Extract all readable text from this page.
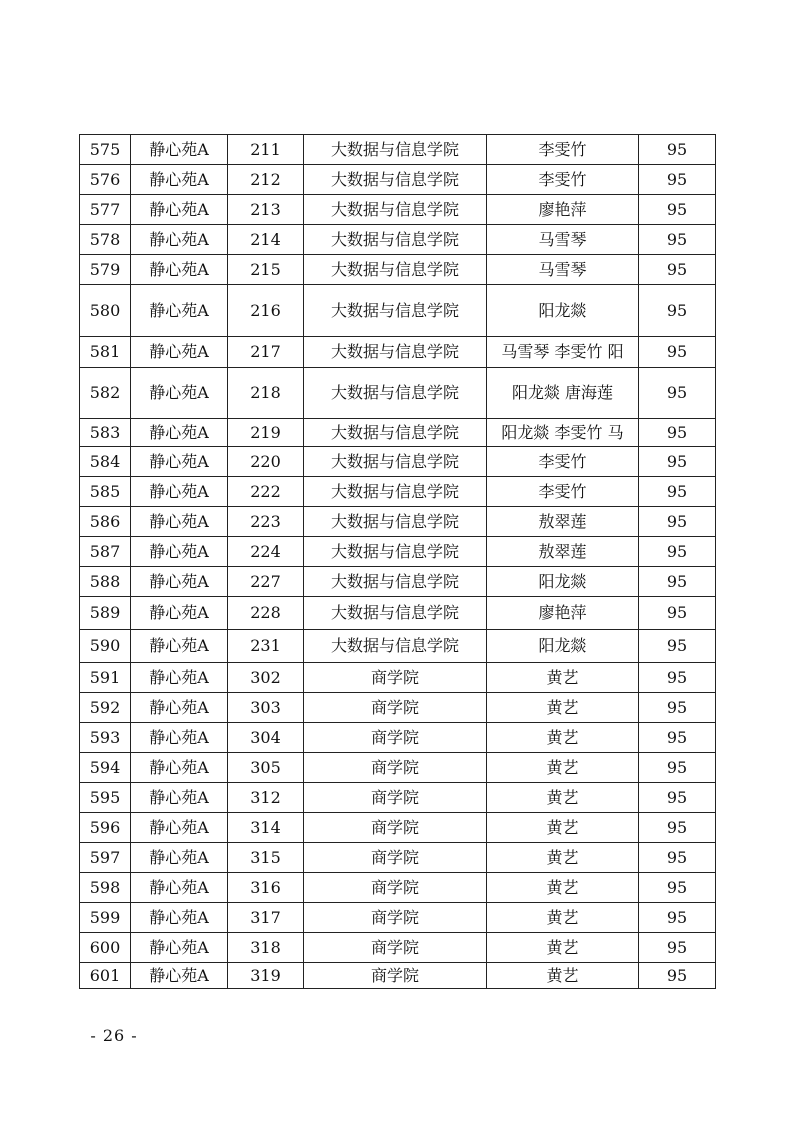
575	静心苑A	211	大数据与信息学院	李雯竹	95
576	静心苑A	212	大数据与信息学院	李雯竹	95
577	静心苑A	213	大数据与信息学院	廖艳萍	95
578	静心苑A	214	大数据与信息学院	马雪琴	95
579	静心苑A	215	大数据与信息学院	马雪琴	95
580	静心苑A	216	大数据与信息学院	阳龙燚	95
581	静心苑A	217	大数据与信息学院	马雪琴 李雯竹 阳	95
582	静心苑A	218	大数据与信息学院	阳龙燚 唐海莲	95
583	静心苑A	219	大数据与信息学院	阳龙燚 李雯竹 马	95
584	静心苑A	220	大数据与信息学院	李雯竹	95
585	静心苑A	222	大数据与信息学院	李雯竹	95
586	静心苑A	223	大数据与信息学院	敖翠莲	95
587	静心苑A	224	大数据与信息学院	敖翠莲	95
588	静心苑A	227	大数据与信息学院	阳龙燚	95
589	静心苑A	228	大数据与信息学院	廖艳萍	95
590	静心苑A	231	大数据与信息学院	阳龙燚	95
591	静心苑A	302	商学院	黄艺	95
592	静心苑A	303	商学院	黄艺	95
593	静心苑A	304	商学院	黄艺	95
594	静心苑A	305	商学院	黄艺	95
595	静心苑A	312	商学院	黄艺	95
596	静心苑A	314	商学院	黄艺	95
597	静心苑A	315	商学院	黄艺	95
598	静心苑A	316	商学院	黄艺	95
599	静心苑A	317	商学院	黄艺	95
600	静心苑A	318	商学院	黄艺	95
601	静心苑A	319	商学院	黄艺	95
- 26 -
